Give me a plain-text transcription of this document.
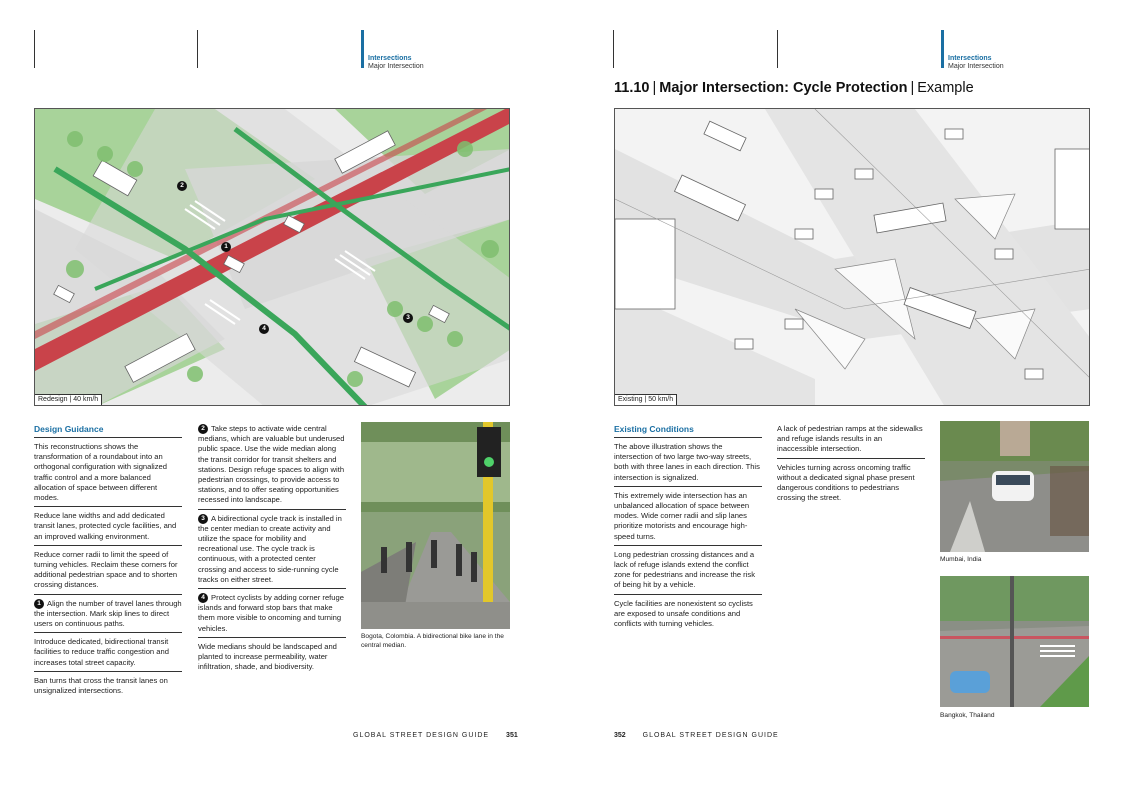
Intersections
Major Intersection
Intersections
Major Intersection
11.10 | Major Intersection: Cycle Protection | Example
1
2
3
4
Redesign | 40 km/h	Existing | 50 km/h
Design Guidance

This reconstructions shows the transformation of a roundabout into an orthogonal configuration with signalized traffic control and a more balanced allocation of space between different modes.

Reduce lane widths and add dedicated transit lanes, protected cycle facilities, and an improved walking environment.

Reduce corner radii to limit the speed of turning vehicles. Reclaim these corners for additional pedestrian space and to shorten crossing distances.

1 Align the number of travel lanes through the intersection. Mark skip lines to direct users on continuous paths.

Introduce dedicated, bidirectional transit facilities to reduce traffic congestion and increases total street capacity.

Ban turns that cross the transit lanes on unsignalized intersections.

2 Take steps to activate wide central medians, which are valuable but underused public space. Use the wide median along the transit corridor for transit shelters and stations. Design refuge spaces to align with pedestrian crossings, to provide access to stations, and to offer seating opportunities recessed into landscape.

3 A bidirectional cycle track is installed in the center median to create activity and utilize the space for mobility and recreational use. The cycle track is continuous, with a protected center crossing and access to side-running cycle tracks on either street.

4 Protect cyclists by adding corner refuge islands and forward stop bars that make them more visible to oncoming and turning vehicles.

Wide medians should be landscaped and planted to increase permeability, water infiltration, shade, and biodiversity.

Bogota, Colombia. A bidirectional bike lane in the central median.
Existing Conditions

The above illustration shows the intersection of two large two-way streets, both with three lanes in each direction. This intersection is signalized.

This extremely wide intersection has an unbalanced allocation of space between modes. Wide corner radii and slip lanes prioritize motorists and encourage high-speed turns.

Long pedestrian crossing distances and a lack of refuge islands extend the conflict zone for pedestrians and increase the risk of being hit by a vehicle.

Cycle facilities are nonexistent so cyclists are exposed to unsafe conditions and conflicts with turning vehicles.

A lack of pedestrian ramps at the sidewalks and refuge islands results in an inaccessible intersection.

Vehicles turning across oncoming traffic without a dedicated signal phase present dangerous conditions to pedestrians crossing the street.

Mumbai, India
Bangkok, Thailand
GLOBAL STREET DESIGN GUIDE 351	352 GLOBAL STREET DESIGN GUIDE
